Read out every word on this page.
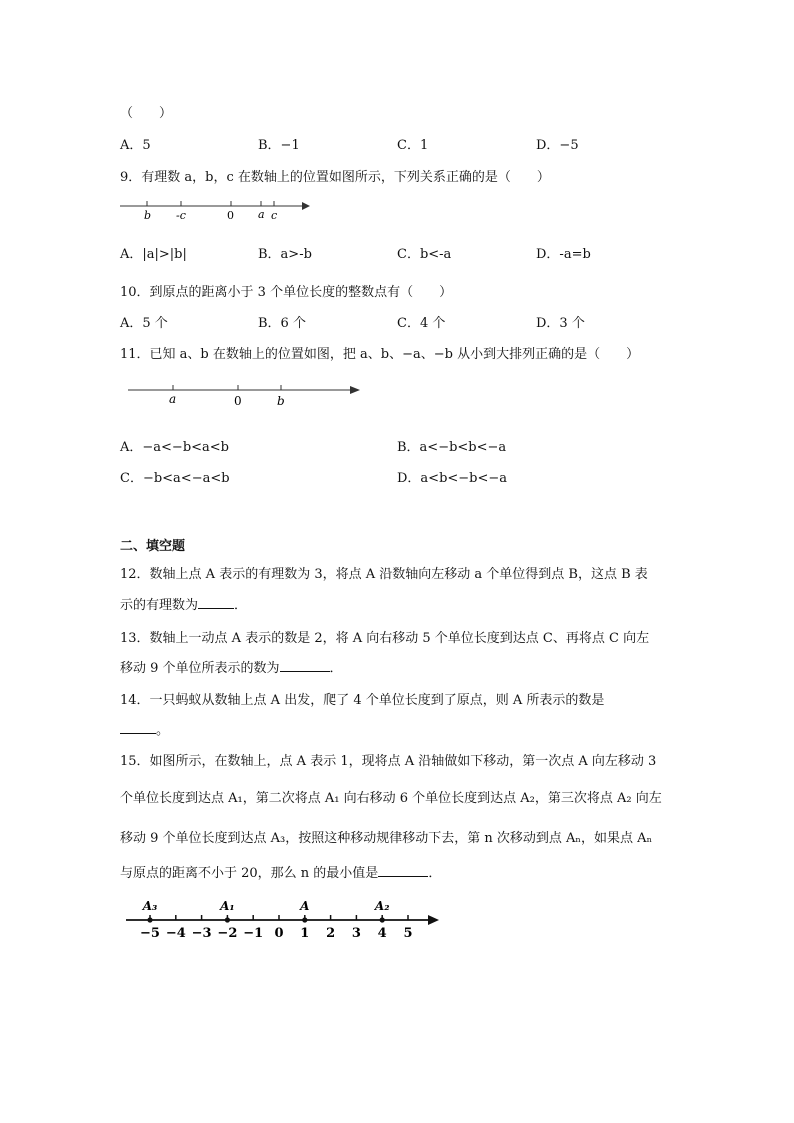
（　　）
A．5	B．−1	C．1	D．−5
9．有理数 a，b，c 在数轴上的位置如图所示，下列关系正确的是（　　）
b -c	0 a c
A．|a|>|b|	B．a>-b	C．b<-a	D．-a=b
10．到原点的距离小于 3 个单位长度的整数点有（　　）
A．5 个	B．6 个	C．4 个	D．3 个
11．已知 a、b 在数轴上的位置如图，把 a、b、−a、−b 从小到大排列正确的是（　　）
a	0	b
A．−a<−b<a<b	B．a<−b<b<−a
C．−b<a<−a<b	D．a<b<−b<−a
二、填空题
12．数轴上点 A 表示的有理数为 3，将点 A 沿数轴向左移动 a 个单位得到点 B，这点 B 表
示的有理数为	．
13．数轴上一动点 A 表示的数是 2，将 A 向右移动 5 个单位长度到达点 C、再将点 C 向左
移动 9 个单位所表示的数为	．
14．一只蚂蚁从数轴上点 A 出发，爬了 4 个单位长度到了原点，则 A 所表示的数是
。
15．如图所示，在数轴上，点 A 表示 1，现将点 A 沿轴做如下移动，第一次点 A 向左移动 3
个单位长度到达点 A₁，第二次将点 A₁ 向右移动 6 个单位长度到达点 A₂，第三次将点 A₂ 向左
移动 9 个单位长度到达点 A₃，按照这种移动规律移动下去，第 n 次移动到点 Aₙ，如果点 Aₙ
与原点的距离不小于 20，那么 n 的最小值是	．
−5 −4 −3 −2 −1 0 1 2 3 4 5
A₃	A₁	A	A₂
